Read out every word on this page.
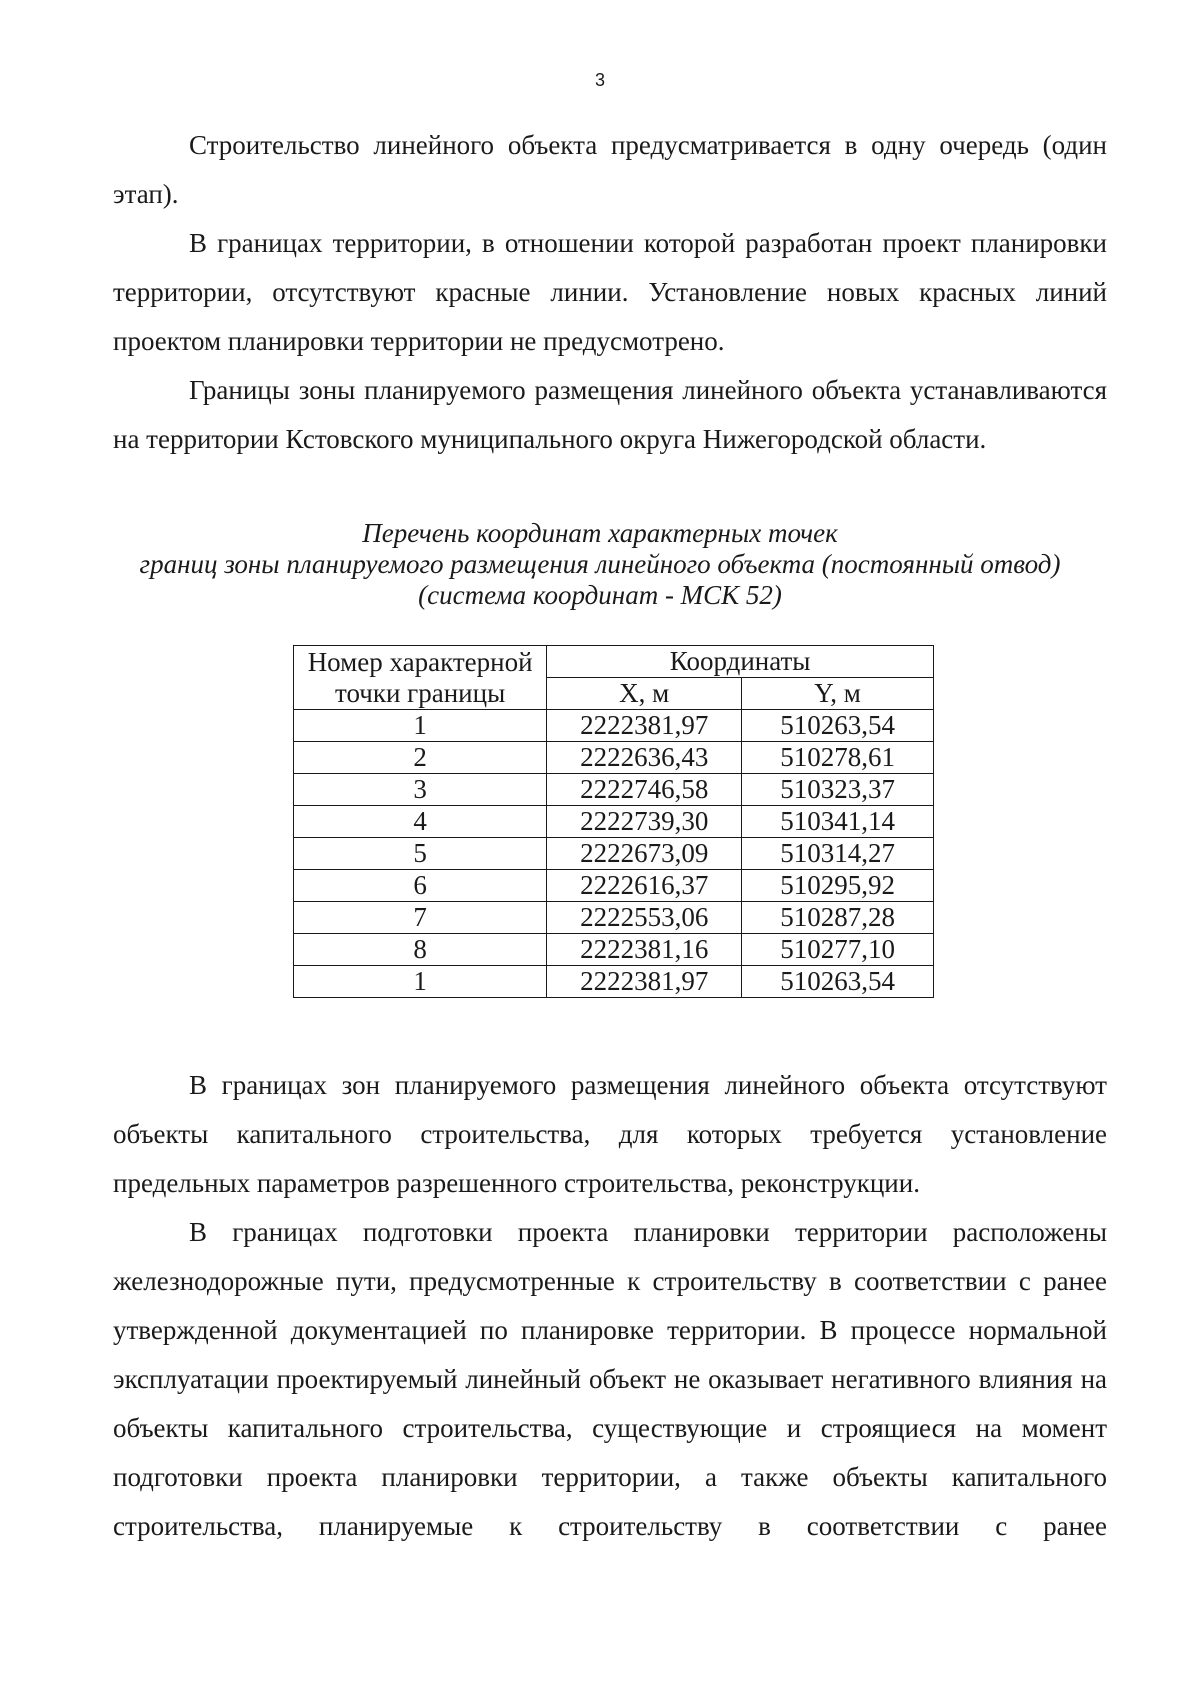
3

Строительство линейного объекта предусматривается в одну очередь (один этап).

В границах территории, в отношении которой разработан проект планировки территории, отсутствуют красные линии. Установление новых красных линий проектом планировки территории не предусмотрено.

Границы зоны планируемого размещения линейного объекта устанавливаются на территории Кстовского муниципального округа Нижегородской области.

Перечень координат характерных точек
границ зоны планируемого размещения линейного объекта (постоянный отвод)
(система координат - МСК 52)
Номер характерной точки границы	Координаты	
	X, м	Y, м
1	2222381,97	510263,54
2	2222636,43	510278,61
3	2222746,58	510323,37
4	2222739,30	510341,14
5	2222673,09	510314,27
6	2222616,37	510295,92
7	2222553,06	510287,28
8	2222381,16	510277,10
1	2222381,97	510263,54

В границах зон планируемого размещения линейного объекта отсутствуют объекты капитального строительства, для которых требуется установление предельных параметров разрешенного строительства, реконструкции.

В границах подготовки проекта планировки территории расположены железнодорожные пути, предусмотренные к строительству в соответствии с ранее утвержденной документацией по планировке территории. В процессе нормальной эксплуатации проектируемый линейный объект не оказывает негативного влияния на объекты капитального строительства, существующие и строящиеся на момент подготовки проекта планировки территории, а также объекты капитального строительства, планируемые к строительству в соответствии с ранее
